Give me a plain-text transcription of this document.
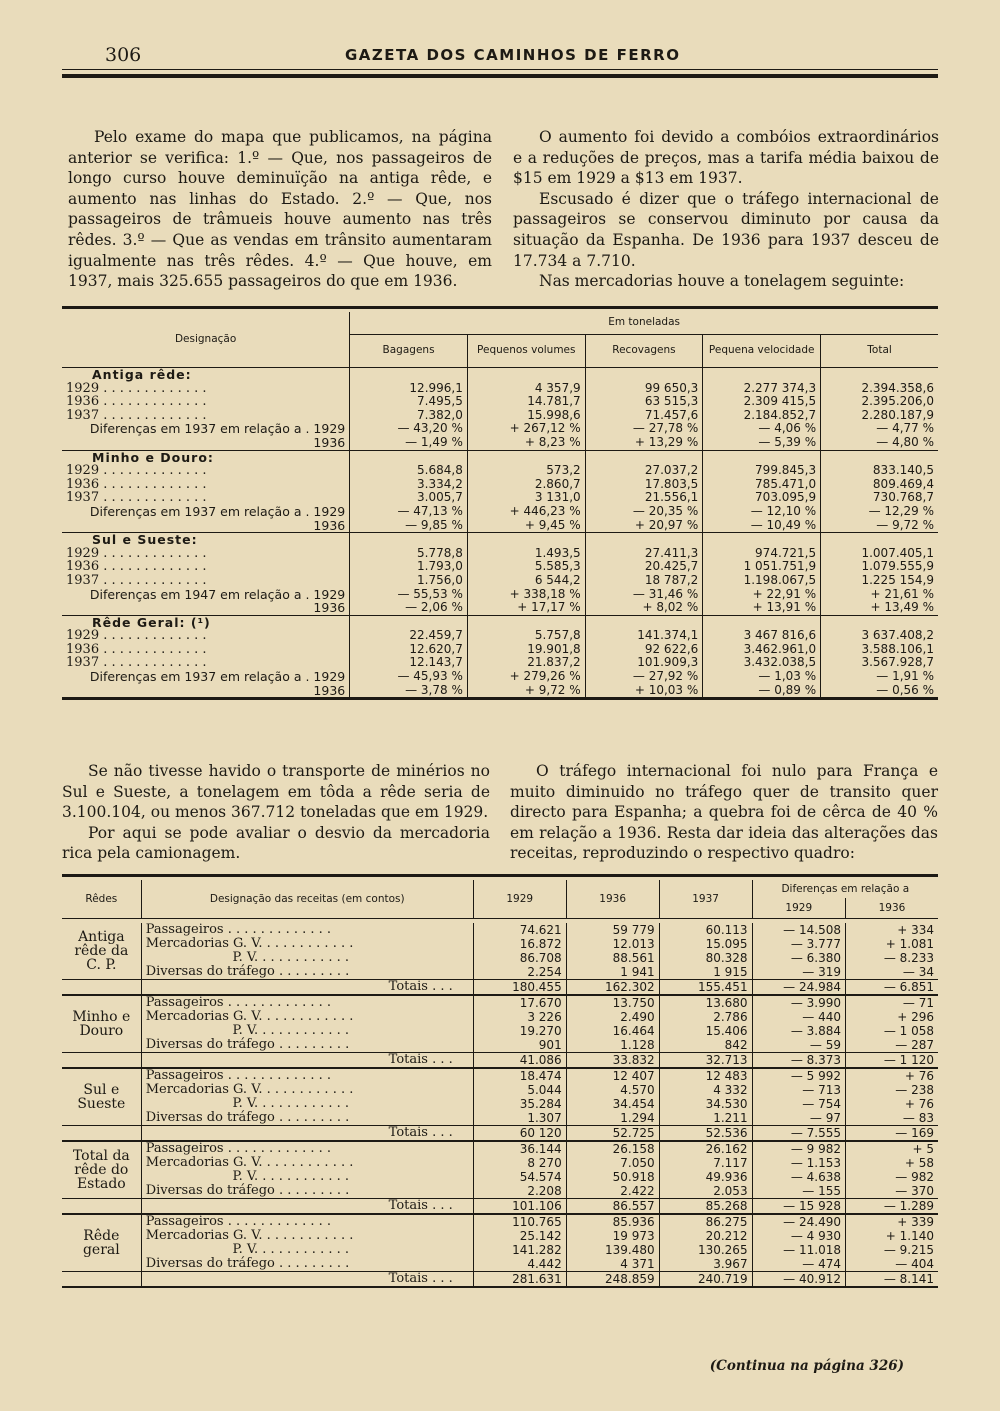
306	GAZETA DOS CAMINHOS DE FERRO

Pelo exame do mapa que publicamos, na página anterior se verifica: 1.º — Que, nos passageiros de longo curso houve deminuïção na antiga rêde, e aumento nas linhas do Estado. 2.º — Que, nos passageiros de trâmueis houve aumento nas três rêdes. 3.º — Que as vendas em trânsito aumentaram igualmente nas três rêdes. 4.º — Que houve, em 1937, mais 325.655 passageiros do que em 1936.

O aumento foi devido a combóios extraordinários e a reduções de preços, mas a tarifa média baixou de $15 em 1929 a $13 em 1937.

Escusado é dizer que o tráfego internacional de passageiros se conservou diminuto por causa da situação da Espanha. De 1936 para 1937 desceu de 17.734 a 7.710.

Nas mercadorias houve a tonelagem seguinte:

Designação	Em toneladas				
	Bagagens	Pequenos volumes	Recovagens	Pequena velocidade	Total
Antiga rêde:					
1929 . . . . . . . . . . . . .	12.996,1	4 357,9	99 650,3	2.277 374,3	2.394.358,6
1936 . . . . . . . . . . . . .	7.495,5	14.781,7	63 515,3	2.309 415,5	2.395.206,0
1937 . . . . . . . . . . . . .	7.382,0	15.998,6	71.457,6	2.184.852,7	2.280.187,9
Diferenças em 1937 em relação a . 1929	— 43,20 %	+ 267,12 %	— 27,78 %	— 4,06 %	— 4,77 %
1936	— 1,49 %	+ 8,23 %	+ 13,29 %	— 5,39 %	— 4,80 %
Minho e Douro:					
1929 . . . . . . . . . . . . .	5.684,8	573,2	27.037,2	799.845,3	833.140,5
1936 . . . . . . . . . . . . .	3.334,2	2.860,7	17.803,5	785.471,0	809.469,4
1937 . . . . . . . . . . . . .	3.005,7	3 131,0	21.556,1	703.095,9	730.768,7
Diferenças em 1937 em relação a . 1929	— 47,13 %	+ 446,23 %	— 20,35 %	— 12,10 %	— 12,29 %
1936	— 9,85 %	+ 9,45 %	+ 20,97 %	— 10,49 %	— 9,72 %
Sul e Sueste:					
1929 . . . . . . . . . . . . .	5.778,8	1.493,5	27.411,3	974.721,5	1.007.405,1
1936 . . . . . . . . . . . . .	1.793,0	5.585,3	20.425,7	1 051.751,9	1.079.555,9
1937 . . . . . . . . . . . . .	1.756,0	6 544,2	18 787,2	1.198.067,5	1.225 154,9
Diferenças em 1947 em relação a . 1929	— 55,53 %	+ 338,18 %	— 31,46 %	+ 22,91 %	+ 21,61 %
1936	— 2,06 %	+ 17,17 %	+ 8,02 %	+ 13,91 %	+ 13,49 %
Rêde Geral: (¹)					
1929 . . . . . . . . . . . . .	22.459,7	5.757,8	141.374,1	3 467 816,6	3 637.408,2
1936 . . . . . . . . . . . . .	12.620,7	19.901,8	92 622,6	3.462.961,0	3.588.106,1
1937 . . . . . . . . . . . . .	12.143,7	21.837,2	101.909,3	3.432.038,5	3.567.928,7
Diferenças em 1937 em relação a . 1929	— 45,93 %	+ 279,26 %	— 27,92 %	— 1,03 %	— 1,91 %
1936	— 3,78 %	+ 9,72 %	+ 10,03 %	— 0,89 %	— 0,56 %

Se não tivesse havido o transporte de minérios no Sul e Sueste, a tonelagem em tôda a rêde seria de 3.100.104, ou menos 367.712 toneladas que em 1929.

Por aqui se pode avaliar o desvio da mercadoria rica pela camionagem.

O tráfego internacional foi nulo para França e muito diminuido no tráfego quer de transito quer directo para Espanha; a quebra foi de cêrca de 40 % em relação a 1936. Resta dar ideia das alterações das receitas, reproduzindo o respectivo quadro:

Rêdes	Designação das receitas (em contos)	1929	1936	1937	Diferenças em relação a	
					1929	1936

Antiga rêde da C. P.	Passageiros . . . . . . . . . . . . .	74.621	59 779	60.113	— 14.508	+ 334
	Mercadorias G. V. . . . . . . . . . . .	16.872	12.013	15.095	— 3.777	+ 1.081
	P. V. . . . . . . . . . . .	86.708	88.561	80.328	— 6.380	— 8.233
	Diversas do tráfego . . . . . . . . .	2.254	1 941	1 915	— 319	— 34
	Totais . . .	180.455	162.302	155.451	— 24.984	— 6.851
Minho e Douro	Passageiros . . . . . . . . . . . . .	17.670	13.750	13.680	— 3.990	— 71
	Mercadorias G. V. . . . . . . . . . . .	3 226	2.490	2.786	— 440	+ 296
	P. V. . . . . . . . . . . .	19.270	16.464	15.406	— 3.884	— 1 058
	Diversas do tráfego . . . . . . . . .	901	1.128	842	— 59	— 287
	Totais . . .	41.086	33.832	32.713	— 8.373	— 1 120
Sul e Sueste	Passageiros . . . . . . . . . . . . .	18.474	12 407	12 483	— 5 992	+ 76
	Mercadorias G. V. . . . . . . . . . . .	5.044	4.570	4 332	— 713	— 238
	P. V. . . . . . . . . . . .	35.284	34.454	34.530	— 754	+ 76
	Diversas do tráfego . . . . . . . . .	1.307	1.294	1.211	— 97	— 83
	Totais . . .	60 120	52.725	52.536	— 7.555	— 169
Total da rêde do Estado	Passageiros . . . . . . . . . . . . .	36.144	26.158	26.162	— 9 982	+ 5
	Mercadorias G. V. . . . . . . . . . . .	8 270	7.050	7.117	— 1.153	+ 58
	P. V. . . . . . . . . . . .	54.574	50.918	49.936	— 4.638	— 982
	Diversas do tráfego . . . . . . . . .	2.208	2.422	2.053	— 155	— 370
	Totais . . .	101.106	86.557	85.268	— 15 928	— 1.289
Rêde geral	Passageiros . . . . . . . . . . . . .	110.765	85.936	86.275	— 24.490	+ 339
	Mercadorias G. V. . . . . . . . . . . .	25.142	19 973	20.212	— 4 930	+ 1.140
	P. V. . . . . . . . . . . .	141.282	139.480	130.265	— 11.018	— 9.215
	Diversas do tráfego . . . . . . . . .	4.442	4 371	3.967	— 474	— 404
	Totais . . .	281.631	248.859	240.719	— 40.912	— 8.141
(Continua na página 326)
